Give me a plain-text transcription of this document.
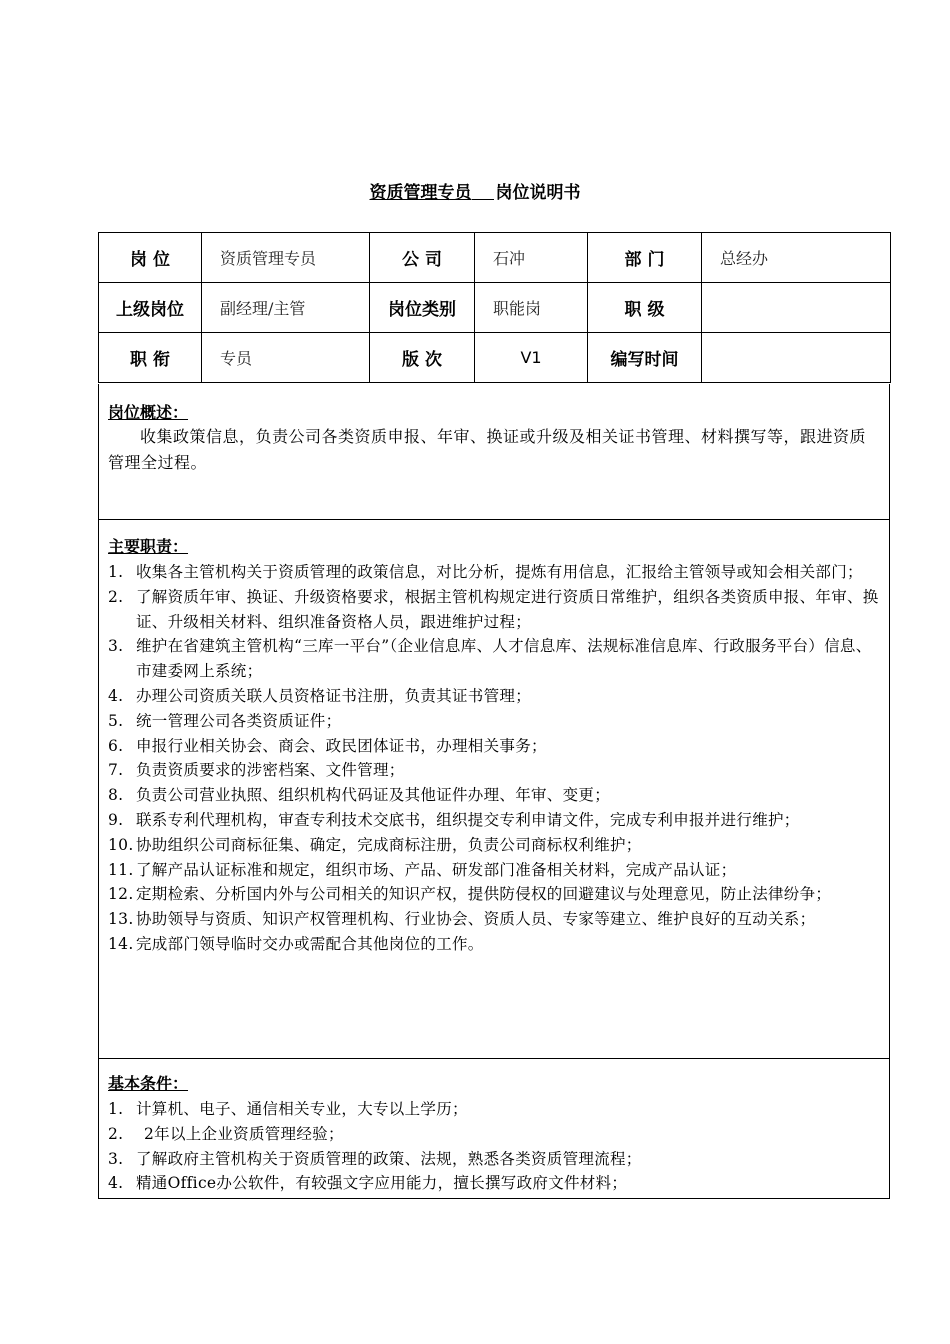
资质管理专员 岗位说明书
岗 位	资质管理专员	公 司	石冲	部 门	总经办
上级岗位	副经理/主管	岗位类别	职能岗	职 级	
职 衔	专员	版 次	V1	编写时间	
岗位概述：
收集政策信息，负责公司各类资质申报、年审、换证或升级及相关证书管理、材料撰写等，跟进资质管理全过程。
主要职责：
1. 收集各主管机构关于资质管理的政策信息，对比分析，提炼有用信息，汇报给主管领导或知会相关部门；
2. 了解资质年审、换证、升级资格要求，根据主管机构规定进行资质日常维护，组织各类资质申报、年审、换证、升级相关材料、组织准备资格人员，跟进维护过程；
3. 维护在省建筑主管机构“三库一平台”（企业信息库、人才信息库、法规标准信息库、行政服务平台）信息、市建委网上系统；
4. 办理公司资质关联人员资格证书注册，负责其证书管理；
5. 统一管理公司各类资质证件；
6. 申报行业相关协会、商会、政民团体证书，办理相关事务；
7. 负责资质要求的涉密档案、文件管理；
8. 负责公司营业执照、组织机构代码证及其他证件办理、年审、变更；
9. 联系专利代理机构，审查专利技术交底书，组织提交专利申请文件，完成专利申报并进行维护；
10. 协助组织公司商标征集、确定，完成商标注册，负责公司商标权利维护；
11. 了解产品认证标准和规定，组织市场、产品、研发部门准备相关材料，完成产品认证；
12. 定期检索、分析国内外与公司相关的知识产权，提供防侵权的回避建议与处理意见，防止法律纷争；
13. 协助领导与资质、知识产权管理机构、行业协会、资质人员、专家等建立、维护良好的互动关系；
14. 完成部门领导临时交办或需配合其他岗位的工作。
基本条件：
1. 计算机、电子、通信相关专业，大专以上学历；
2. 2年以上企业资质管理经验；
3. 了解政府主管机构关于资质管理的政策、法规，熟悉各类资质管理流程；
4. 精通Office办公软件，有较强文字应用能力，擅长撰写政府文件材料；
